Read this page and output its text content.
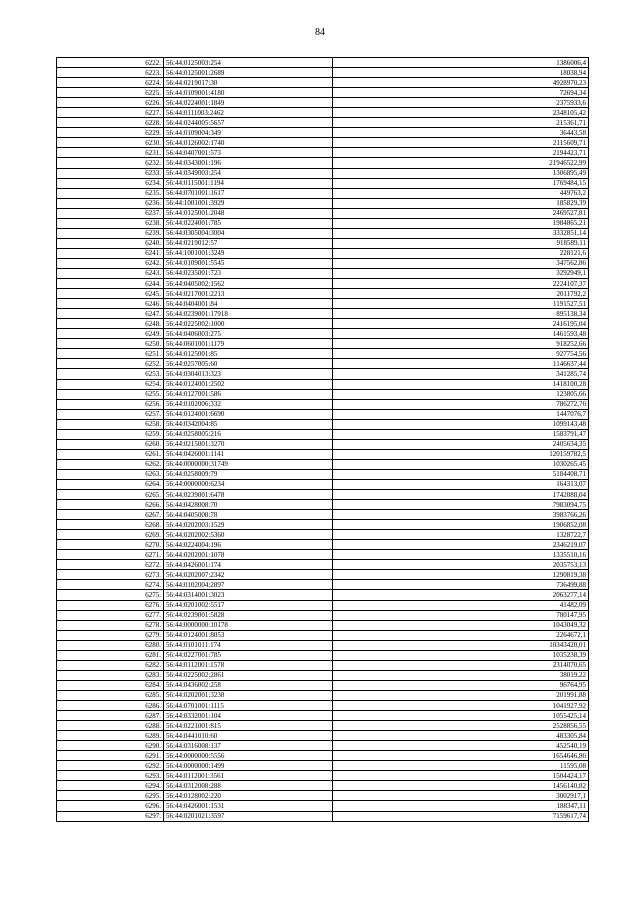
84
6222.	56:44:0125003:254	1386006,4
6223.	56:44:0125001:2689	18038,94
6224.	56:44:0219017:30	4928970,23
6225.	56:44:0109001:4180	72694,34
6226.	56:44:0224001:1849	2375933,6
6227.	56:44:0111003:2462	2348105,42
6228.	56:44:0244005:5657	215361,71
6229.	56:44:0109004:349	36443,58
6230.	56:44:0126002:1740	2115609,71
6231.	56:44:0407001:573	2194423,71
6232.	56:44:0343001:196	21946522,99
6233.	56:44:0349003:254	1306895,49
6234.	56:44:0115001:1194	1769484,15
6235.	56:44:0701001:1617	449763,2
6236.	56:44:1001001:3929	185829,39
6237.	56:44:0125001:2048	2469527,81
6238.	56:44:0224001:785	1984865,21
6239.	56:44:0305004:3004	3332851,14
6240.	56:44:0219012:57	918589,11
6241.	56:44:1001001:3249	228121,6
6242.	56:44:0109001:5545	347562,86
6243.	56:44:0235001:723	3292949,1
6244.	56:44:0405002:1562	2224107,37
6245.	56:44:0217001:2213	2011792,2
6246.	56:44:0404001:84	1191527,51
6247.	56:44:0239001:17918	895138,34
6248.	56:44:0225002:1000	2416195,04
6249.	56:44:0406003:275	1461593,48
6250.	56:44:0601001:1179	918252,66
6251.	56:44:0125001:85	927754,56
6252.	56:44:0257005:60	1146637,44
6253.	56:44:0304013:323	341285,74
6254.	56:44:0124001:2502	1418100,28
6255.	56:44:0127001:586	123805,66
6256.	56:44:0102006:332	786272,76
6257.	56:44:0124001:6690	1447076,7
6258.	56:44:0342004:85	1099143,48
6259.	56:44:0258005:216	1583791,47
6260.	56:44:0215001:3270	2405634,35
6261.	56:44:0426001:1141	120159782,5
6262.	56:44:0000000:31749	1030265,45
6263.	56:44:0258009:79	5184408,71
6264.	56:44:0000000:6234	164313,07
6265.	56:44:0239001:6478	1742088,04
6266.	56:44:0428008:70	7983094,75
6267.	56:44:0405008:78	3983766,26
6268.	56:44:0202003:1529	1906852,08
6269.	56:44:0202002:5360	1328722,7
6270.	56:44:0224004:196	2346219,07
6271.	56:44:0202001:1078	1335510,16
6272.	56:44:0426001:174	2035753,13
6273.	56:44:0202007:2342	1290819,38
6274.	56:44:0102004:2897	736499,88
6275.	56:44:0314001:3023	2063277,14
6276.	56:44:0201002:5517	41482,09
6277.	56:44:0239001:5828	780147,95
6278.	56:44:0000000:10178	1043049,32
6279.	56:44:0124001:8053	2264672,1
6280.	56:44:0101011:174	10343420,01
6281.	56:44:0227001:785	1035238,39
6282.	56:44:0112001:1578	2314070,65
6283.	56:44:0225002:2861	38019,22
6284.	56:44:0436002:258	96764,95
6285.	56:44:0202001:3238	201991,88
6286.	56:44:0701001:1115	1041927,92
6287.	56:44:0332001:104	1055425,14
6288.	56:44:0221001:815	2528856,55
6289.	56:44:0441010:60	483305,84
6290.	56:44:0316008:137	452540,19
6291.	56:44:0000000:5556	1654646,86
6292.	56:44:0000000:1499	11595,08
6293.	56:44:0112001:3561	1504424,17
6294.	56:44:0312008:288	1456140,82
6295.	56:44:0128002:220	3002917,1
6296.	56:44:0426001:1531	188347,11
6297.	56:44:0201021:3597	7159617,74
